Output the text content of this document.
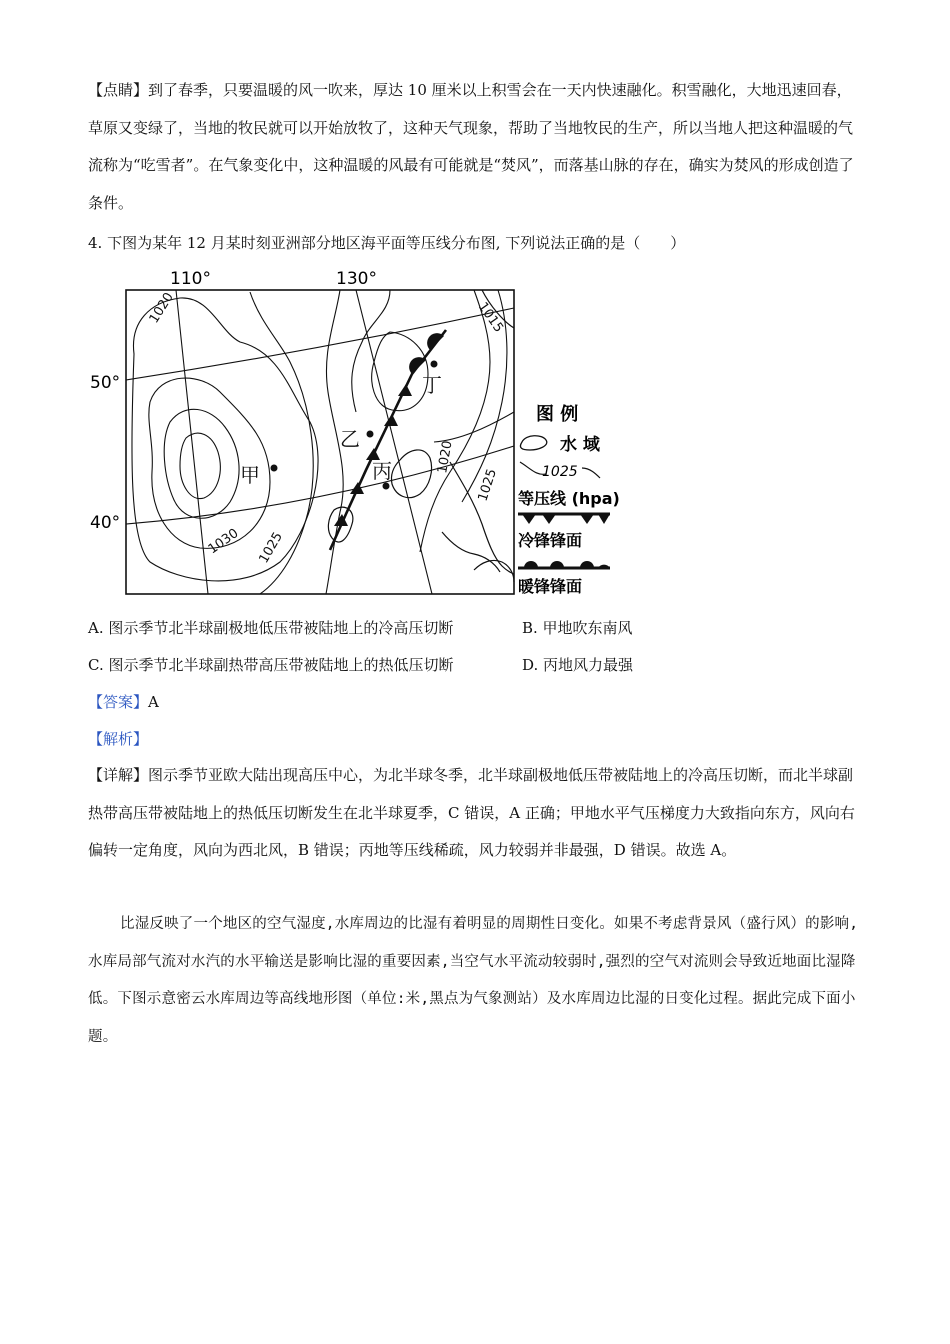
【点睛】到了春季，只要温暖的风一吹来，厚达 10 厘米以上积雪会在一天内快速融化。积雪融化，大地迅速回春，草原又变绿了，当地的牧民就可以开始放牧了，这种天气现象，帮助了当地牧民的生产，所以当地人把这种温暖的气流称为“吃雪者”。在气象变化中，这种温暖的风最有可能就是“焚风”，而落基山脉的存在，确实为焚风的形成创造了条件。

4. 下图为某年 12 月某时刻亚洲部分地区海平面等压线分布图, 下列说法正确的是（　　）
110°	130°
50°
40°
1020	1015
1030 1025
1020
1025
甲
乙
丙
丁
图 例
水 域
1025
等压线 (hpa)
冷锋锋面
暖锋锋面
A. 图示季节北半球副极地低压带被陆地上的冷高压切断	B. 甲地吹东南风
C. 图示季节北半球副热带高压带被陆地上的热低压切断	D. 丙地风力最强
【答案】A
【解析】

【详解】图示季节亚欧大陆出现高压中心，为北半球冬季，北半球副极地低压带被陆地上的冷高压切断，而北半球副热带高压带被陆地上的热低压切断发生在北半球夏季，C 错误，A 正确；甲地水平气压梯度力大致指向东方，风向右偏转一定角度，风向为西北风，B 错误；丙地等压线稀疏，风力较弱并非最强，D 错误。故选 A。

比湿反映了一个地区的空气湿度,水库周边的比湿有着明显的周期性日变化。如果不考虑背景风（盛行风）的影响,水库局部气流对水汽的水平输送是影响比湿的重要因素,当空气水平流动较弱时,强烈的空气对流则会导致近地面比湿降低。下图示意密云水库周边等高线地形图（单位:米,黑点为气象测站）及水库周边比湿的日变化过程。据此完成下面小题。
